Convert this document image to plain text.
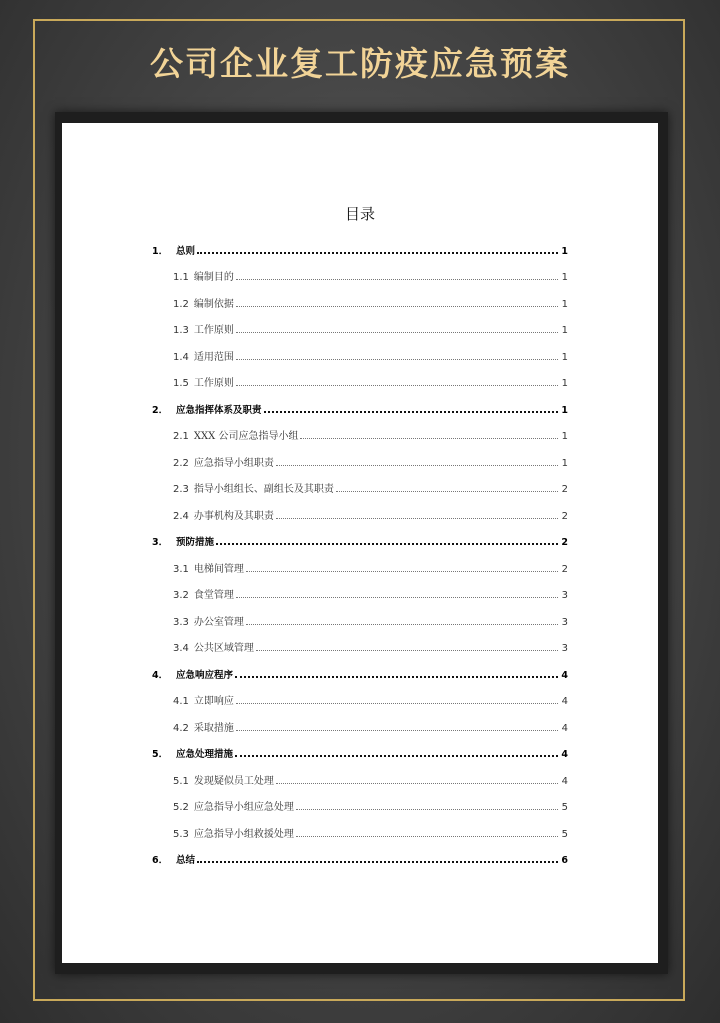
公司企业复工防疫应急预案
目录
1． 总则	1
1.1 编制目的	1
1.2 编制依据	1
1.3 工作原则	1
1.4 适用范围	1
1.5 工作原则	1
2． 应急指挥体系及职责	1
2.1 XXX 公司应急指导小组	1
2.2 应急指导小组职责	1
2.3 指导小组组长、副组长及其职责	2
2.4 办事机构及其职责	2
3． 预防措施	2
3.1 电梯间管理	2
3.2 食堂管理	3
3.3 办公室管理	3
3.4 公共区域管理	3
4． 应急响应程序	4
4.1 立即响应	4
4.2 采取措施	4
5． 应急处理措施	4
5.1 发现疑似员工处理	4
5.2 应急指导小组应急处理	5
5.3 应急指导小组救援处理	5
6． 总结	6
